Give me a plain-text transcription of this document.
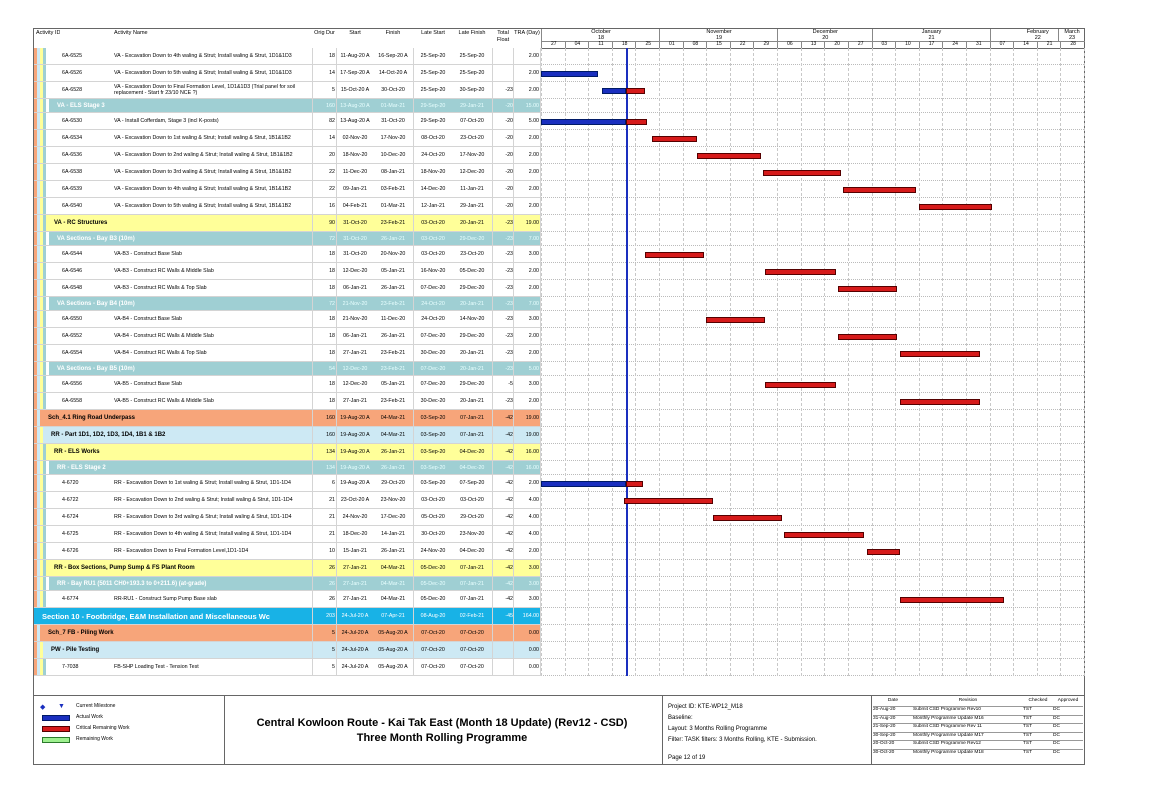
Activity ID	Activity Name	Orig Dur	Start	Finish	Late Start	Late Finish	Total Float
TRA (Day)	October
18
November
19
December
20
January
21
February
22
March
23
27	04	11	18	25	01	08	15	22	29	06	13	20	27	03	10	17	24	31	07	14	21	28
6A-6525	VA - Excavation Down to 4th waling & Strut; Install waling & Strut, 1D1&1D3	18	11-Aug-20 A	16-Sep-20 A	25-Sep-20	25-Sep-20	2.00
6A-6526	VA - Excavation Down to 5th waling & Strut; Install waling & Strut, 1D1&1D3	14 17-Sep-20 A	14-Oct-20 A	25-Sep-20	25-Sep-20	2.00
6A-6528	VA - Excavation Down to Final Formation Level, 1D1&1D3 (Trial panel for soil
replacement - Start fr 23/10 NCE ?)	5	15-Oct-20 A	30-Oct-20	25-Sep-20	30-Sep-20	-23	2.00
VA - ELS Stage 3	160 13-Aug-20 A	01-Mar-21	29-Sep-20	29-Jan-21	-20	15.00
6A-6530	VA - Install Cofferdam, Stage 3 (incl K-posts)	82 13-Aug-20 A	31-Oct-20	29-Sep-20	07-Oct-20	-20	5.00
6A-6534	VA - Excavation Down to 1st waling & Strut; Install waling & Strut, 1B1&1B2	14	02-Nov-20	17-Nov-20	08-Oct-20	23-Oct-20	-20	2.00
6A-6536	VA - Excavation Down to 2nd waling & Strut; Install waling & Strut, 1B1&1B2	20	18-Nov-20	10-Dec-20	24-Oct-20	17-Nov-20	-20	2.00
6A-6538	VA - Excavation Down to 3rd waling & Strut; Install waling & Strut, 1B1&1B2	22	11-Dec-20	08-Jan-21	18-Nov-20	12-Dec-20	-20	2.00
6A-6539	VA - Excavation Down to 4th waling & Strut; Install waling & Strut, 1B1&1B2	22	09-Jan-21	03-Feb-21	14-Dec-20	11-Jan-21	-20	2.00
6A-6540	VA - Excavation Down to 5th waling & Strut; Install waling & Strut, 1B1&1B2	16	04-Feb-21	01-Mar-21	12-Jan-21	29-Jan-21	-20	2.00
VA - RC Structures	90	31-Oct-20	23-Feb-21	03-Oct-20	20-Jan-21	-23	19.00
VA Sections - Bay B3 (10m)	72	31-Oct-20	26-Jan-21	03-Oct-20	29-Dec-20	-23	7.00
6A-6544	VA-B3 - Construct Base Slab	18	31-Oct-20	20-Nov-20	03-Oct-20	23-Oct-20	-23	3.00
6A-6546	VA-B3 - Construct RC Walls & Middle Slab	18	12-Dec-20	05-Jan-21	16-Nov-20	05-Dec-20	-23	2.00
6A-6548	VA-B3 - Construct RC Walls & Top Slab	18	06-Jan-21	26-Jan-21	07-Dec-20	29-Dec-20	-23	2.00
VA Sections - Bay B4 (10m)	72	21-Nov-20	23-Feb-21	24-Oct-20	20-Jan-21	-23	7.00
6A-6550	VA-B4 - Construct Base Slab	18	21-Nov-20	11-Dec-20	24-Oct-20	14-Nov-20	-23	3.00
6A-6552	VA-B4 - Construct RC Walls & Middle Slab	18	06-Jan-21	26-Jan-21	07-Dec-20	29-Dec-20	-23	2.00
6A-6554	VA-B4 - Construct RC Walls & Top Slab	18	27-Jan-21	23-Feb-21	30-Dec-20	20-Jan-21	-23	2.00
VA Sections - Bay B5 (10m)	54	12-Dec-20	23-Feb-21	07-Dec-20	20-Jan-21	-23	5.00
6A-6556	VA-B5 - Construct Base Slab	18	12-Dec-20	05-Jan-21	07-Dec-20	29-Dec-20	-5	3.00
6A-6558	VA-B5 - Construct RC Walls & Middle Slab	18	27-Jan-21	23-Feb-21	30-Dec-20	20-Jan-21	-23	2.00
Sch_4.1 Ring Road Underpass	160 19-Aug-20 A	04-Mar-21	03-Sep-20	07-Jan-21	-42	19.00
RR - Part 1D1, 1D2, 1D3, 1D4, 1B1 & 1B2	160 19-Aug-20 A	04-Mar-21	03-Sep-20	07-Jan-21	-42	19.00
RR - ELS Works	134 19-Aug-20 A	26-Jan-21	03-Sep-20	04-Dec-20	-42	16.00
RR - ELS Stage 2	134 19-Aug-20 A	26-Jan-21	03-Sep-20	04-Dec-20	-42	16.00
4-6720	RR - Excavation Down to 1st waling & Strut; Install waling & Strut, 1D1-1D4	6 19-Aug-20 A	29-Oct-20	03-Sep-20	07-Sep-20	-42	2.00
4-6722	RR - Excavation Down to 2nd waling & Strut; Install waling & Strut, 1D1-1D4	21	23-Oct-20 A	23-Nov-20	03-Oct-20	03-Oct-20	-42	4.00
4-6724	RR - Excavation Down to 3rd waling & Strut; Install waling & Strut, 1D1-1D4	21	24-Nov-20	17-Dec-20	05-Oct-20	29-Oct-20	-42	4.00
4-6725	RR - Excavation Down to 4th waling & Strut; Install waling & Strut, 1D1-1D4	21	18-Dec-20	14-Jan-21	30-Oct-20	23-Nov-20	-42	4.00
4-6726	RR - Excavation Down to Final Formation Level,1D1-1D4	10	15-Jan-21	26-Jan-21	24-Nov-20	04-Dec-20	-42	2.00
RR - Box Sections, Pump Sump & FS Plant Room	26	27-Jan-21	04-Mar-21	05-Dec-20	07-Jan-21	-42	3.00
RR - Bay RU1 (5011 CH0+193.3 to 0+211.6) (at-grade)	26	27-Jan-21	04-Mar-21	05-Dec-20	07-Jan-21	-42	3.00
4-6774	RR-RU1 - Construct Sump Pump Base slab	26	27-Jan-21	04-Mar-21	05-Dec-20	07-Jan-21	-42	3.00
Section 10 - Footbridge, E&M Installation and Miscellaneous Wc	203	24-Jul-20 A	07-Apr-21	08-Aug-20	02-Feb-21	-45	164.00
Sch_7 FB - Piling Work	5	24-Jul-20 A	05-Aug-20 A	07-Oct-20	07-Oct-20	0.00
PW - Pile Testing	5	24-Jul-20 A	05-Aug-20 A	07-Oct-20	07-Oct-20	0.00
7-7038	FB-SHP Loading Test - Tension Test	5	24-Jul-20 A	05-Aug-20 A	07-Oct-20	07-Oct-20	0.00
◆ ▼ Current Milestone
Actual Work
Critical Remaining Work
Remaining Work
Central Kowloon Route - Kai Tak East (Month 18 Update) (Rev12 - CSD)
Three Month Rolling Programme
Project ID: KTE-WP12_M18
Baseline:
Layout: 3 Months Rolling Programme
Filter: TASK filters: 3 Months Rolling, KTE - Submission.
Page 12 of 19
Date	Revision	Checked	Approved
20-Aug-20	Submit CSD Programme Rev10	TST	DC
31-Aug-20	Monthly Programme Update M16	TST	DC
21-Sep-20	Submit CSD Programme Rev 11	TST	DC
30-Sep-20	Monthly Programme Update M17	TST	DC
20-Oct-20	Submit CSD Programme Rev12	TST	DC
30-Oct-20	Monthly Programme Update M18	TST	DC
